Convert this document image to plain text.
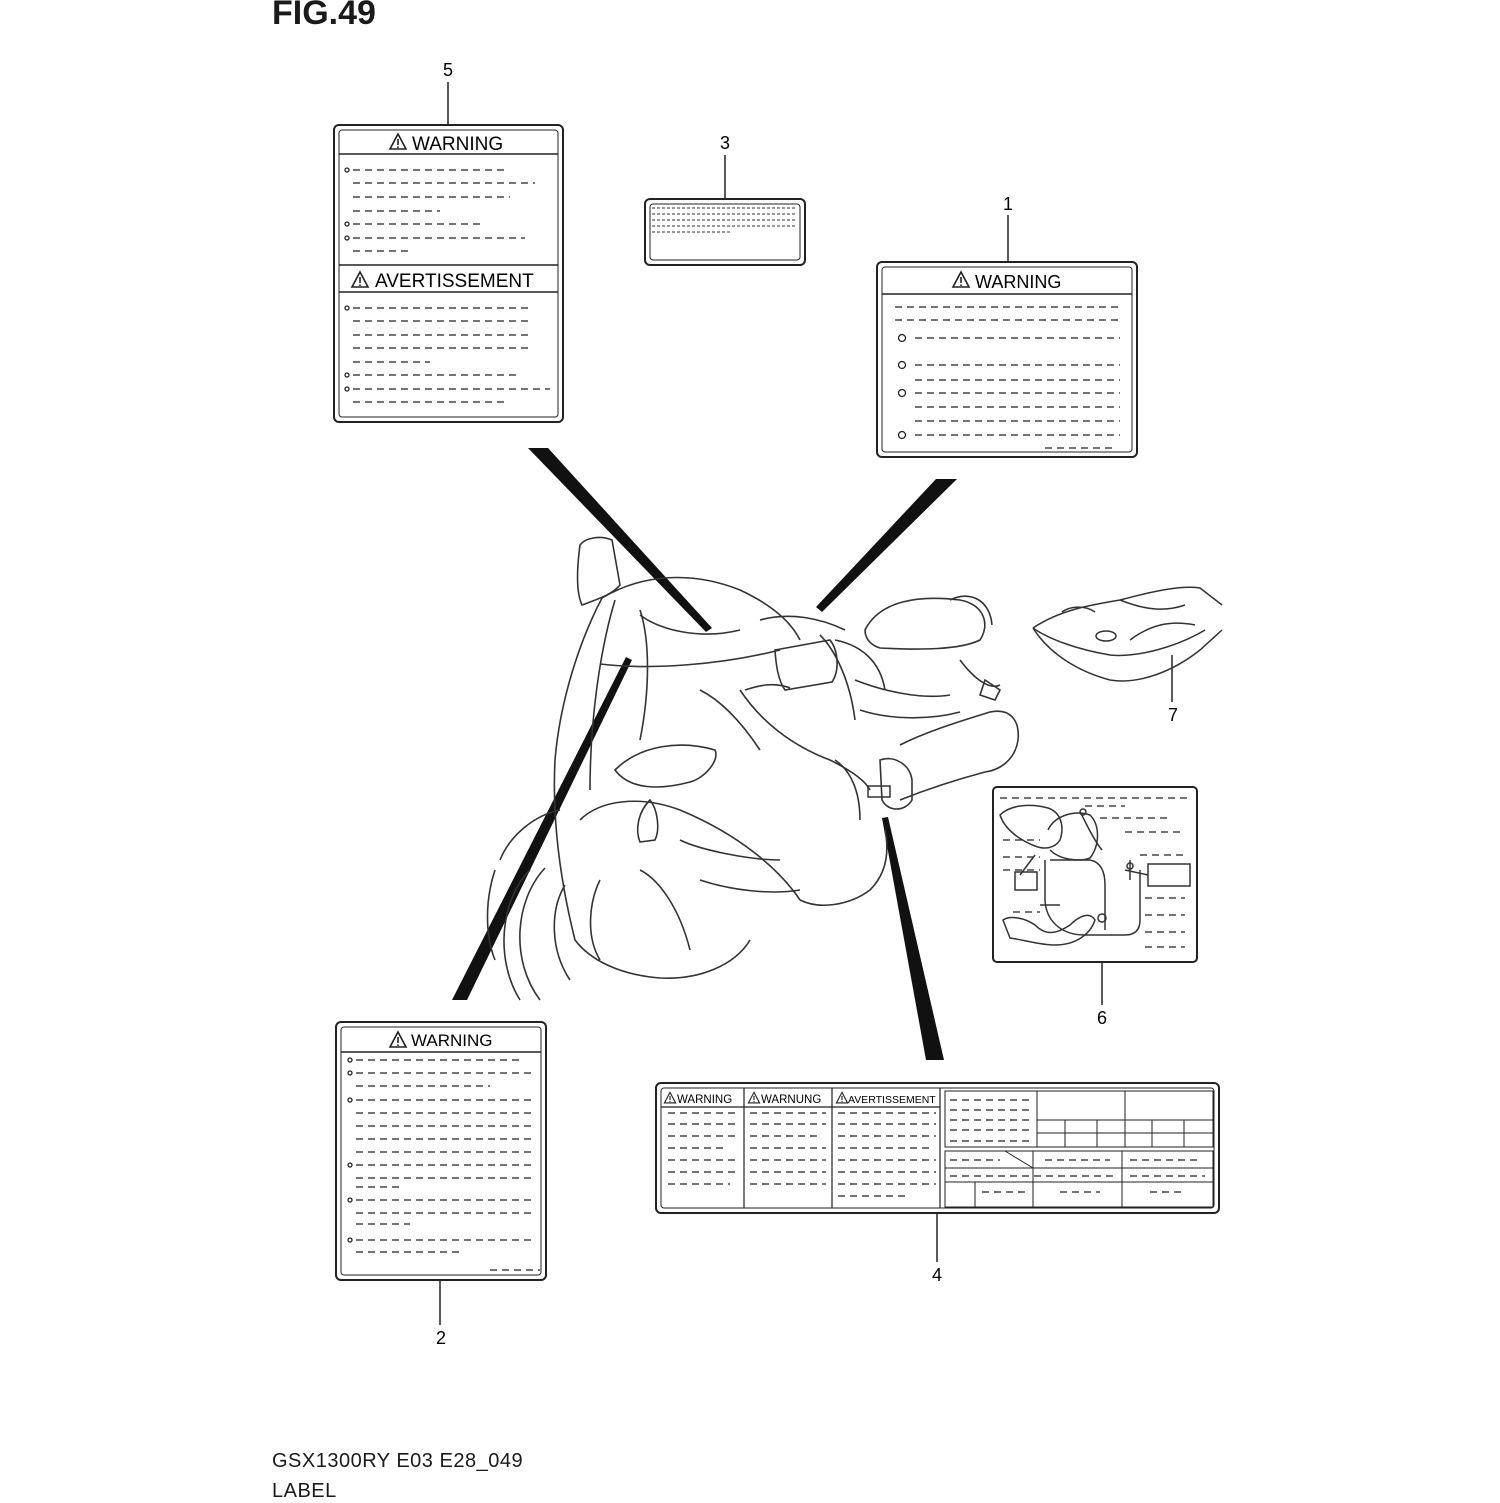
FIG.49
WARNING
AVERTISSEMENT	WARNING
WARNING
WARNING	WARNUNG	AVERTISSEMENT
5
3
1
2
4
6
7
GSX1300RY E03 E28_049
LABEL
